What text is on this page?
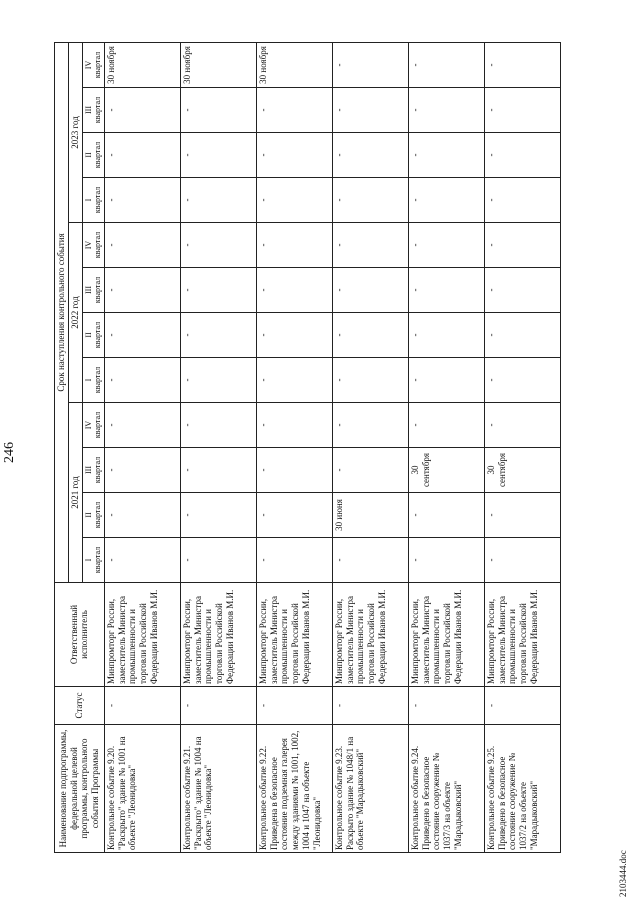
246
Наименование подпрограммы, федеральной целевой программы, контрольного события Программы	Статус	Ответственный исполнитель	Срок наступления контрольного события											
			2021 год				2022 год				2023 год			

			I квартал	II квартал	III квартал	IV квартал	I квартал	II квартал	III квартал	IV квартал	I квартал	II квартал	III квартал	IV квартал

Контрольное событие 9.20. "Раскрыто" здание № 1001 на объекте "Леонидовка"	-	Минпромторг России, заместитель Министра промышленности и торговли Российской Федерации Иванов М.И.	-	-	-	-	-	-	-	-	-	-	-	30 ноября
Контрольное событие 9.21. "Раскрыто" здание № 1004 на объекте "Леонидовка"	-	Минпромторг России, заместитель Министра промышленности и торговли Российской Федерации Иванов М.И.	-	-	-	-	-	-	-	-	-	-	-	30 ноября
Контрольное событие 9.22. Приведена в безопасное состояние подземная галерея между зданиями № 1001, 1002, 1004 и 1047 на объекте "Леонидовка"	-	Минпромторг России, заместитель Министра промышленности и торговли Российской Федерации Иванов М.И.	-	-	-	-	-	-	-	-	-	-	-	30 ноября
Контрольное событие 9.23. Раскрыто здание № 1048/1 на объекте "Марадыковский"	-	Минпромторг России, заместитель Министра промышленности и торговли Российской Федерации Иванов М.И.	-	30 июня	-	-	-	-	-	-	-	-	-	-
Контрольное событие 9.24. Приведено в безопасное состояние сооружение № 1037/3 на объекте "Марадыковский"	-	Минпромторг России, заместитель Министра промышленности и торговли Российской Федерации Иванов М.И.	-	-	30 сентября	-	-	-	-	-	-	-	-	-
Контрольное событие 9.25. Приведено в безопасное состояние сооружение № 1037/2 на объекте "Марадыковский"	-	Минпромторг России, заместитель Министра промышленности и торговли Российской Федерации Иванов М.И.	-	-	30 сентября	-	-	-	-	-	-	-	-	-
2103444.doc
